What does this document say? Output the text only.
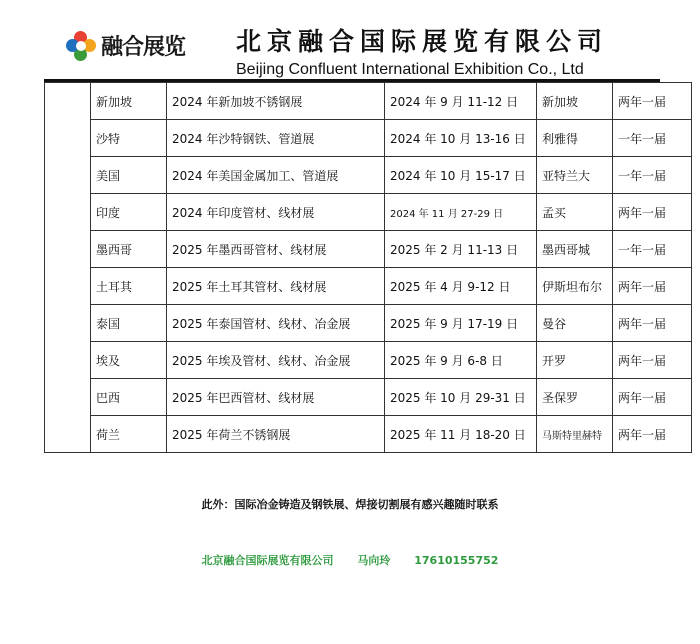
融合展览 北京融合国际展览有限公司
Beijing Confluent International Exhibition Co., Ltd
	新加坡	2024 年新加坡不锈钢展	2024 年 9 月 11-12 日	新加坡	两年一届
	沙特	2024 年沙特钢铁、管道展	2024 年 10 月 13-16 日	利雅得	一年一届
	美国	2024 年美国金属加工、管道展	2024 年 10 月 15-17 日	亚特兰大	一年一届
	印度	2024 年印度管材、线材展	2024 年 11 月 27-29 日	孟买	两年一届
	墨西哥	2025 年墨西哥管材、线材展	2025 年 2 月 11-13 日	墨西哥城	一年一届
	土耳其	2025 年土耳其管材、线材展	2025 年 4 月 9-12 日	伊斯坦布尔	两年一届
	泰国	2025 年泰国管材、线材、冶金展	2025 年 9 月 17-19 日	曼谷	两年一届
	埃及	2025 年埃及管材、线材、冶金展	2025 年 9 月 6-8 日	开罗	两年一届
	巴西	2025 年巴西管材、线材展	2025 年 10 月 29-31 日	圣保罗	两年一届
	荷兰	2025 年荷兰不锈钢展	2025 年 11 月 18-20 日	马斯特里赫特	两年一届
此外：国际冶金铸造及钢铁展、焊接切割展有感兴趣随时联系
北京融合国际展览有限公司 马向玲 17610155752
